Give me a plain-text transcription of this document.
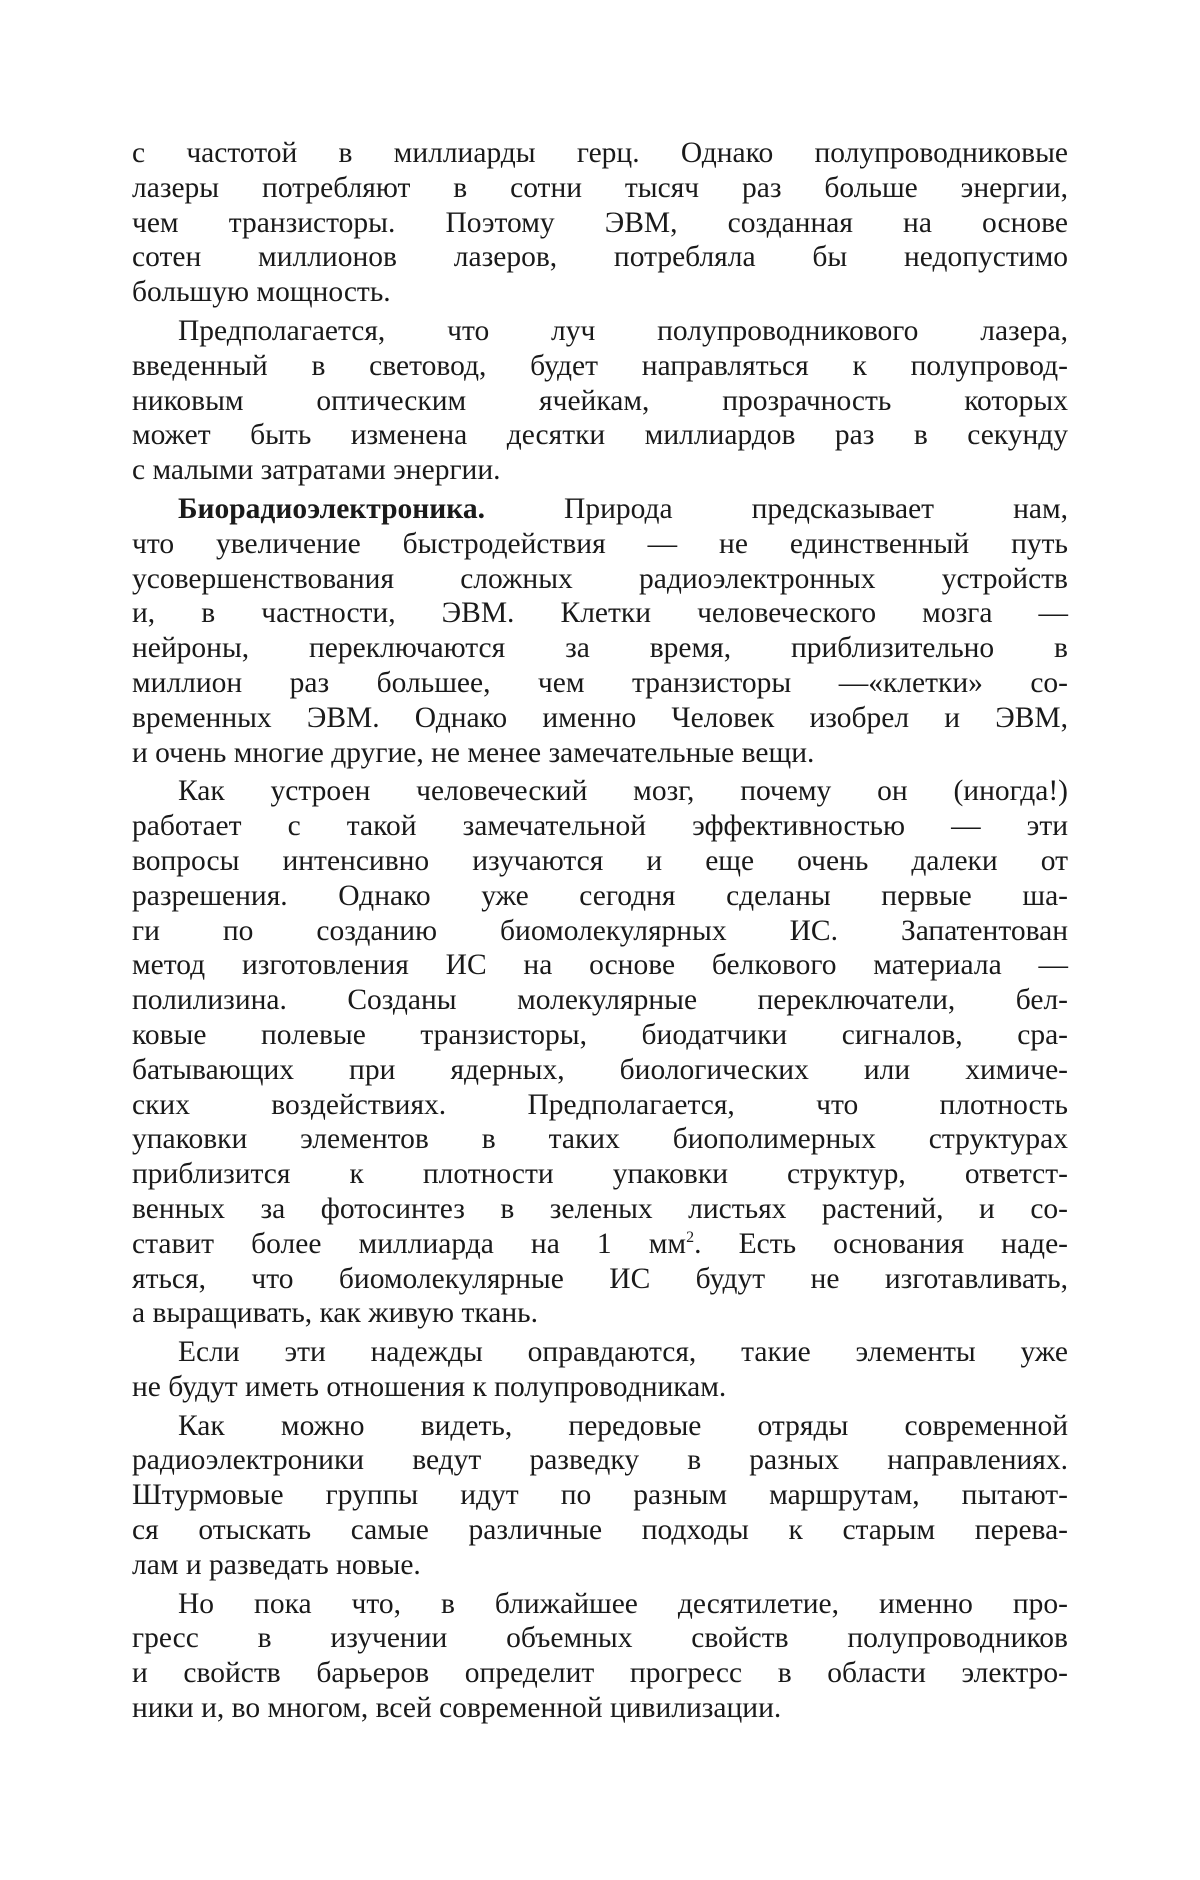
с частотой в миллиарды герц. Однако полупроводниковые
лазеры потребляют в сотни тысяч раз больше энергии,
чем транзисторы. Поэтому ЭВМ, созданная на основе
сотен миллионов лазеров, потребляла бы недопустимо
большую мощность.
Предполагается, что луч полупроводникового лазера,
введенный в световод, будет направляться к полупровод-
никовым оптическим ячейкам, прозрачность которых
может быть изменена десятки миллиардов раз в секунду
с малыми затратами энергии.
Биорадиоэлектроника.	Природа предсказывает нам,
что увеличение быстродействия — не единственный путь
усовершенствования сложных радиоэлектронных устройств
и, в частности, ЭВМ. Клетки человеческого мозга —
нейроны, переключаются за время, приблизительно в
миллион раз большее, чем транзисторы —«клетки» со-
временных ЭВМ. Однако именно Человек изобрел и ЭВМ,
и очень многие другие, не менее замечательные вещи.
Как устроен человеческий мозг, почему он (иногда!)
работает с такой замечательной эффективностью — эти
вопросы интенсивно изучаются и еще очень далеки от
разрешения. Однако уже сегодня сделаны первые ша-
ги по созданию биомолекулярных ИС. Запатентован
метод изготовления ИС на основе белкового материала —
полилизина. Созданы молекулярные переключатели, бел-
ковые полевые транзисторы, биодатчики сигналов, сра-
батывающих при ядерных, биологических или химиче-
ских воздействиях. Предполагается, что плотность
упаковки элементов в таких биополимерных структурах
приблизится к плотности упаковки структур, ответст-
венных за фотосинтез в зеленых листьях растений, и со-
ставит более миллиарда на 1 $мм^2$. Есть основания наде-
яться, что биомолекулярные ИС будут не изготавливать,
а выращивать, как живую ткань.
Если эти надежды оправдаются, такие элементы уже
не будут иметь отношения к полупроводникам.
Как можно видеть, передовые отряды современной
радиоэлектроники ведут разведку в разных направлениях.
Штурмовые группы идут по разным маршрутам, пытают-
ся отыскать самые различные подходы к старым перева-
лам и разведать новые.
Но пока что, в ближайшее десятилетие, именно про-
гресс в изучении объемных свойств полупроводников
и свойств барьеров определит прогресс в области электро-
ники и, во многом, всей современной цивилизации.
